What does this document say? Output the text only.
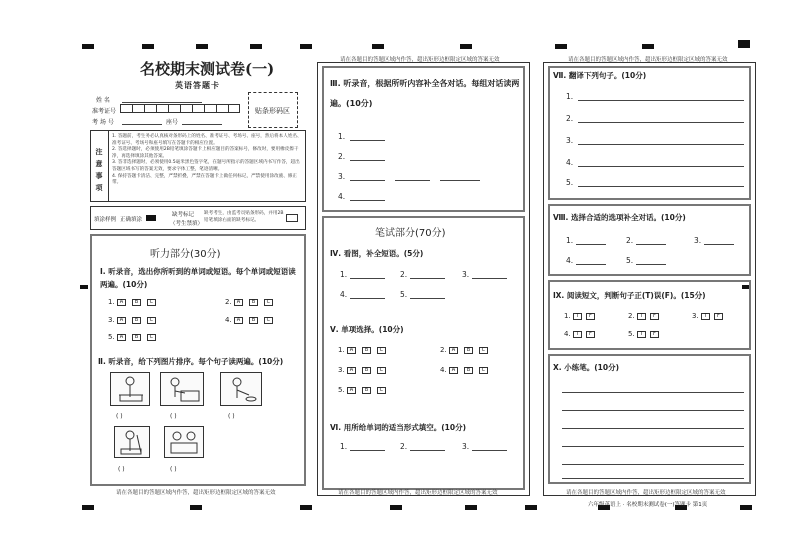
名校期末测试卷(一)
英语答题卡
姓 名
准考证号
考 场 号	座号
贴条形码区
注
意
事
项
1. 答题前，考生务必认真核对条形码上的姓名、准考证号、考场号、座号，然后将本人姓名、准考证号、考场号和座号填写在答题卡的相应位置。
2. 答选择题时，必须使用2B铅笔填涂答题卡上相应题目的答案标号，修改时，要用橡皮擦干净，再选择填涂其他答案。
3. 答非选择题时，必须使用0.5毫米黑色签字笔，在题号所指示的答题区域内书写作答，超出答题区域书写的答案无效，要求字体工整，笔迹清晰。
4. 保持答题卡清洁、完整，严禁折叠，严禁在答题卡上做任何标记，严禁使用涂改液、修正带。
填涂样例 正确填涂
缺考标记
（考生禁填）
缺考考生，由监考员贴条形码，并用2B铅笔填涂右面的缺考标记。
听力部分(30分)
Ⅰ. 听录音，选出你所听到的单词或短语。每个单词或短语读两遍。(10分)
1. A B C	2. A B C
3. A B C	4. A B C
5. A B C
Ⅱ. 听录音，给下列图片排序。每个句子读两遍。(10分)
( )	( )	( )
( )	( )
请在各题目的答题区域内作答，超出矩形边框限定区域的答案无效
请在各题目的答题区域内作答，超出矩形边框限定区域的答案无效
Ⅲ. 听录音，根据所听内容补全各对话。每组对话读两遍。(10分)
1.
2.
3.
4.
笔试部分(70分)
Ⅳ. 看图，补全短语。(5分)
1.	2.	3.
4.	5.
Ⅴ. 单项选择。(10分)
1. A B C	2. A B C
3. A B C	4. A B C
5. A B C
Ⅵ. 用所给单词的适当形式填空。(10分)
1.	2.	3.
请在各题目的答题区域内作答，超出矩形边框限定区域的答案无效
请在各题目的答题区域内作答，超出矩形边框限定区域的答案无效
Ⅶ. 翻译下列句子。(10分)
1.
2.
3.
4.
5.
Ⅷ. 选择合适的选项补全对话。(10分)
1.	2.	3.
4.	5.
Ⅸ. 阅读短文，判断句子正(T)误(F)。(15分)
1. T F	2. T F	3. T F
4. T F	5. T F
Ⅹ. 小练笔。(10分)
请在各题目的答题区域内作答，超出矩形边框限定区域的答案无效
六年级英语上 · 名校期末测试卷(一)答题卡 第1页
